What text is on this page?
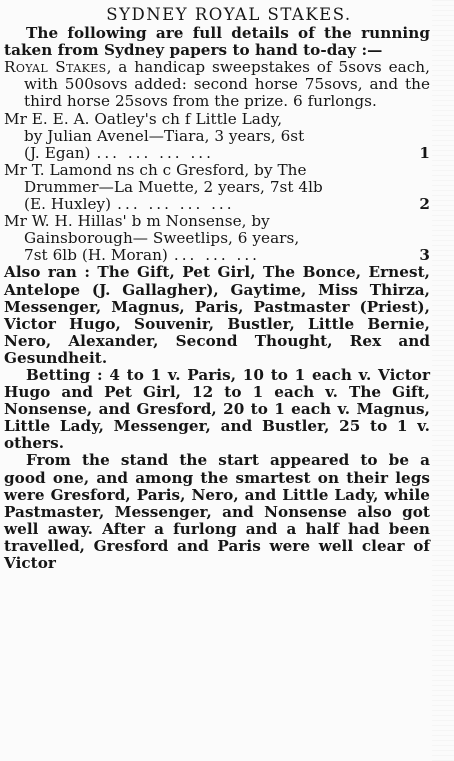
SYDNEY ROYAL STAKES.

The following are full details of the running taken from Sydney papers to hand to-day :—

Royal Stakes, a handicap sweepstakes of 5sovs each, with 500sovs added: second horse 75sovs, and the third horse 25sovs from the prize. 6 furlongs.

Mr E. E. A. Oatley's ch f Little Lady,
by Julian Avenel—Tiara, 3 years, 6st
(J. Egan) ... ... ... ...	1
Mr T. Lamond ns ch c Gresford, by The
Drummer—La Muette, 2 years, 7st 4lb
(E. Huxley) ... ... ... ...	2
Mr W. H. Hillas' b m Nonsense, by
Gainsborough— Sweetlips, 6 years,
7st 6lb (H. Moran) ... ... ...	3

Also ran : The Gift, Pet Girl, The Bonce, Ernest, Antelope (J. Gallagher), Gaytime, Miss Thirza, Messenger, Magnus, Paris, Pastmaster (Priest), Victor Hugo, Souvenir, Bustler, Little Bernie, Nero, Alexander, Second Thought, Rex and Gesundheit.

Betting : 4 to 1 v. Paris, 10 to 1 each v. Victor Hugo and Pet Girl, 12 to 1 each v. The Gift, Nonsense, and Gresford, 20 to 1 each v. Magnus, Little Lady, Messenger, and Bustler, 25 to 1 v. others.

From the stand the start appeared to be a good one, and among the smartest on their legs were Gresford, Paris, Nero, and Little Lady, while Pastmaster, Messenger, and Nonsense also got well away. After a furlong and a half had been travelled, Gresford and Paris were well clear of Victor
